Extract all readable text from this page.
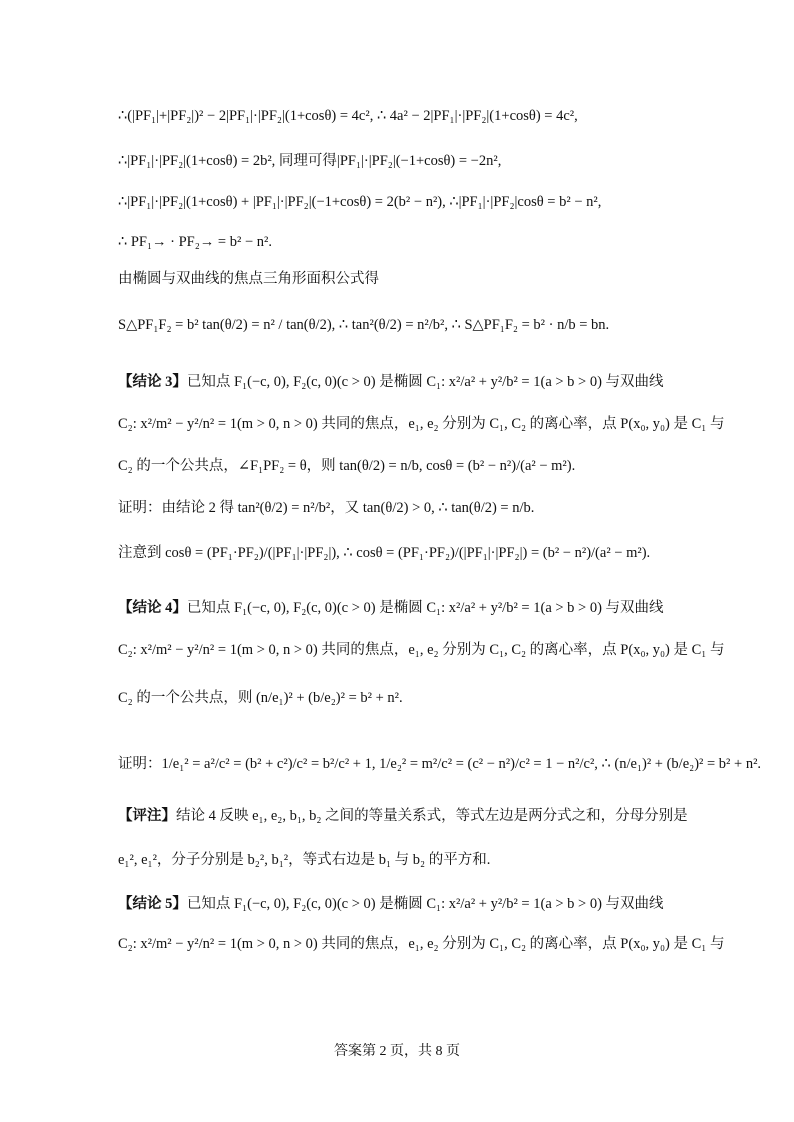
∴(|PF₁|+|PF₂|)² − 2|PF₁|·|PF₂|(1+cosθ) = 4c², ∴ 4a² − 2|PF₁|·|PF₂|(1+cosθ) = 4c²,
∴|PF₁|·|PF₂|(1+cosθ) = 2b², 同理可得|PF₁|·|PF₂|(−1+cosθ) = −2n²,
∴|PF₁|·|PF₂|(1+cosθ) + |PF₁|·|PF₂|(−1+cosθ) = 2(b² − n²), ∴|PF₁|·|PF₂|cosθ = b² − n²,
∴ PF₁→ · PF₂→ = b² − n².
由椭圆与双曲线的焦点三角形面积公式得
S△PF₁F₂ = b² tan(θ/2) = n² / tan(θ/2), ∴ tan²(θ/2) = n²/b², ∴ S△PF₁F₂ = b² · n/b = bn.
【结论 3】已知点 F₁(−c, 0), F₂(c, 0)(c > 0) 是椭圆 C₁: x²/a² + y²/b² = 1(a > b > 0) 与双曲线
C₂: x²/m² − y²/n² = 1(m > 0, n > 0) 共同的焦点，e₁, e₂ 分别为 C₁, C₂ 的离心率，点 P(x₀, y₀) 是 C₁ 与
C₂ 的一个公共点，∠F₁PF₂ = θ，则 tan(θ/2) = n/b, cosθ = (b² − n²)/(a² − m²).
证明：由结论 2 得 tan²(θ/2) = n²/b²，又 tan(θ/2) > 0, ∴ tan(θ/2) = n/b.
注意到 cosθ = (PF₁·PF₂)/(|PF₁|·|PF₂|), ∴ cosθ = (PF₁·PF₂)/(|PF₁|·|PF₂|) = (b² − n²)/(a² − m²).
【结论 4】已知点 F₁(−c, 0), F₂(c, 0)(c > 0) 是椭圆 C₁: x²/a² + y²/b² = 1(a > b > 0) 与双曲线
C₂: x²/m² − y²/n² = 1(m > 0, n > 0) 共同的焦点，e₁, e₂ 分别为 C₁, C₂ 的离心率，点 P(x₀, y₀) 是 C₁ 与
C₂ 的一个公共点，则 (n/e₁)² + (b/e₂)² = b² + n².
证明：1/e₁² = a²/c² = (b² + c²)/c² = b²/c² + 1, 1/e₂² = m²/c² = (c² − n²)/c² = 1 − n²/c², ∴ (n/e₁)² + (b/e₂)² = b² + n².
【评注】结论 4 反映 e₁, e₂, b₁, b₂ 之间的等量关系式，等式左边是两分式之和，分母分别是
e₁², e₁²，分子分别是 b₂², b₁²，等式右边是 b₁ 与 b₂ 的平方和.
【结论 5】已知点 F₁(−c, 0), F₂(c, 0)(c > 0) 是椭圆 C₁: x²/a² + y²/b² = 1(a > b > 0) 与双曲线
C₂: x²/m² − y²/n² = 1(m > 0, n > 0) 共同的焦点，e₁, e₂ 分别为 C₁, C₂ 的离心率，点 P(x₀, y₀) 是 C₁ 与
答案第 2 页，共 8 页
